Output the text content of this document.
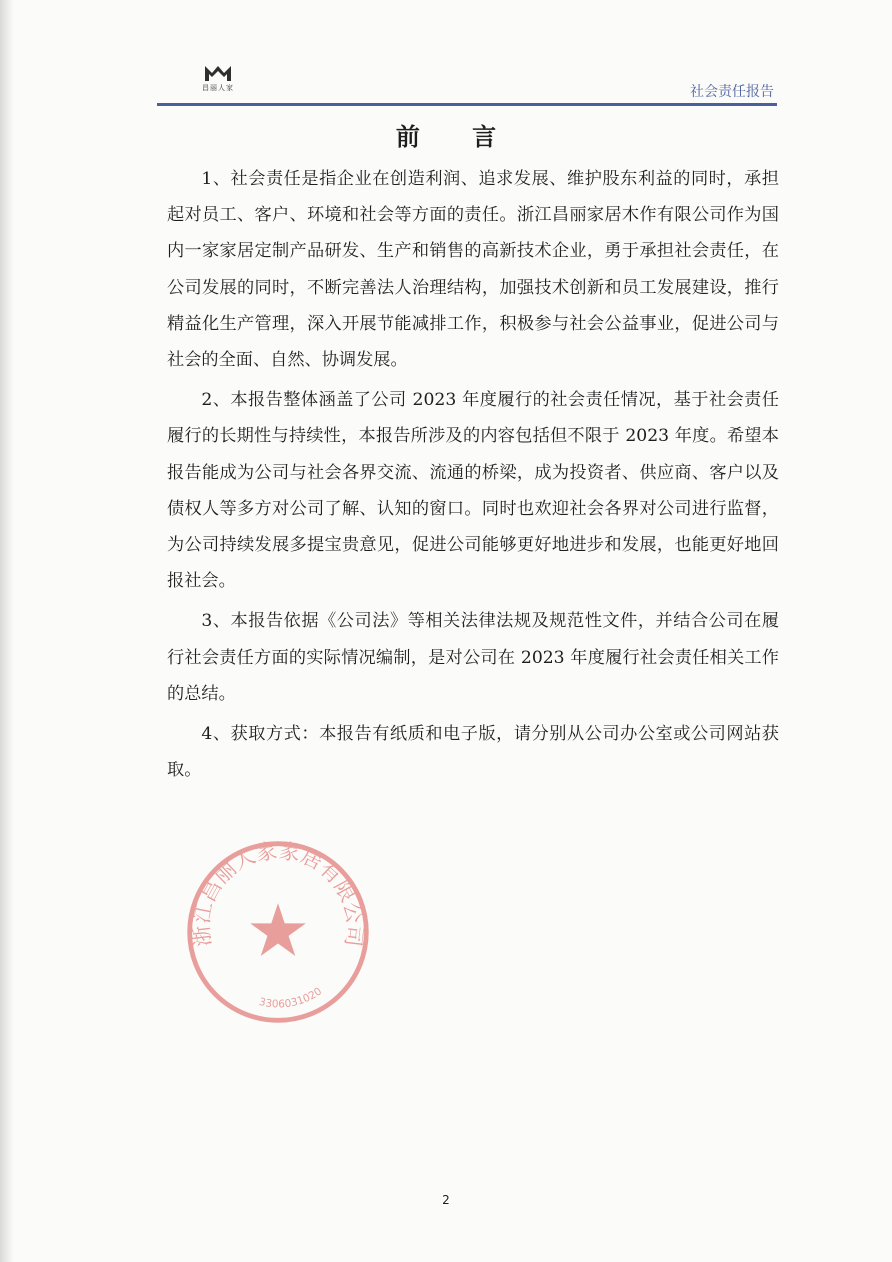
昌丽人家	社会责任报告
前 言

1、社会责任是指企业在创造利润、追求发展、维护股东利益的同时，承担起对员工、客户、环境和社会等方面的责任。浙江昌丽家居木作有限公司作为国内一家家居定制产品研发、生产和销售的高新技术企业，勇于承担社会责任，在公司发展的同时，不断完善法人治理结构，加强技术创新和员工发展建设，推行精益化生产管理，深入开展节能减排工作，积极参与社会公益事业，促进公司与社会的全面、自然、协调发展。

2、本报告整体涵盖了公司 2023 年度履行的社会责任情况，基于社会责任履行的长期性与持续性，本报告所涉及的内容包括但不限于 2023 年度。希望本报告能成为公司与社会各界交流、流通的桥梁，成为投资者、供应商、客户以及债权人等多方对公司了解、认知的窗口。同时也欢迎社会各界对公司进行监督，为公司持续发展多提宝贵意见，促进公司能够更好地进步和发展，也能更好地回报社会。

3、本报告依据《公司法》等相关法律法规及规范性文件，并结合公司在履行社会责任方面的实际情况编制，是对公司在 2023 年度履行社会责任相关工作的总结。

4、获取方式：本报告有纸质和电子版，请分别从公司办公室或公司网站获取。

浙江昌丽人家家居有限公司
3306031020
2
